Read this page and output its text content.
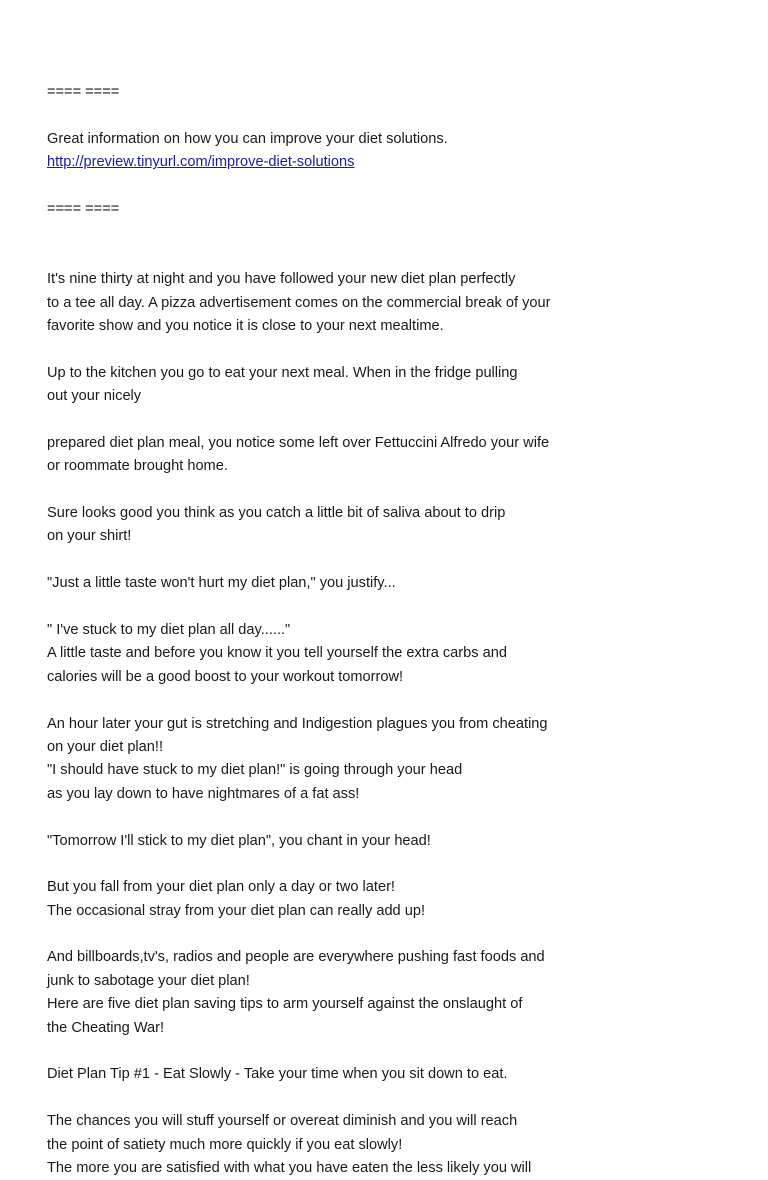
==== ====
Great information on how you can improve your diet solutions.
http://preview.tinyurl.com/improve-diet-solutions
==== ====
It's nine thirty at night and you have followed your new diet plan perfectly
to a tee all day. A pizza advertisement comes on the commercial break of your
favorite show and you notice it is close to your next mealtime.
Up to the kitchen you go to eat your next meal. When in the fridge pulling
out your nicely
prepared diet plan meal, you notice some left over Fettuccini Alfredo your wife
or roommate brought home.
Sure looks good you think as you catch a little bit of saliva about to drip
on your shirt!
"Just a little taste won't hurt my diet plan," you justify...
" I've stuck to my diet plan all day......"
A little taste and before you know it you tell yourself the extra carbs and
calories will be a good boost to your workout tomorrow!
An hour later your gut is stretching and Indigestion plagues you from cheating
on your diet plan!!
"I should have stuck to my diet plan!" is going through your head
as you lay down to have nightmares of a fat ass!
"Tomorrow I'll stick to my diet plan", you chant in your head!
But you fall from your diet plan only a day or two later!
The occasional stray from your diet plan can really add up!
And billboards,tv's, radios and people are everywhere pushing fast foods and
junk to sabotage your diet plan!
Here are five diet plan saving tips to arm yourself against the onslaught of
the Cheating War!
Diet Plan Tip #1 - Eat Slowly - Take your time when you sit down to eat.
The chances you will stuff yourself or overeat diminish and you will reach
the point of satiety much more quickly if you eat slowly!
The more you are satisfied with what you have eaten the less likely you will
